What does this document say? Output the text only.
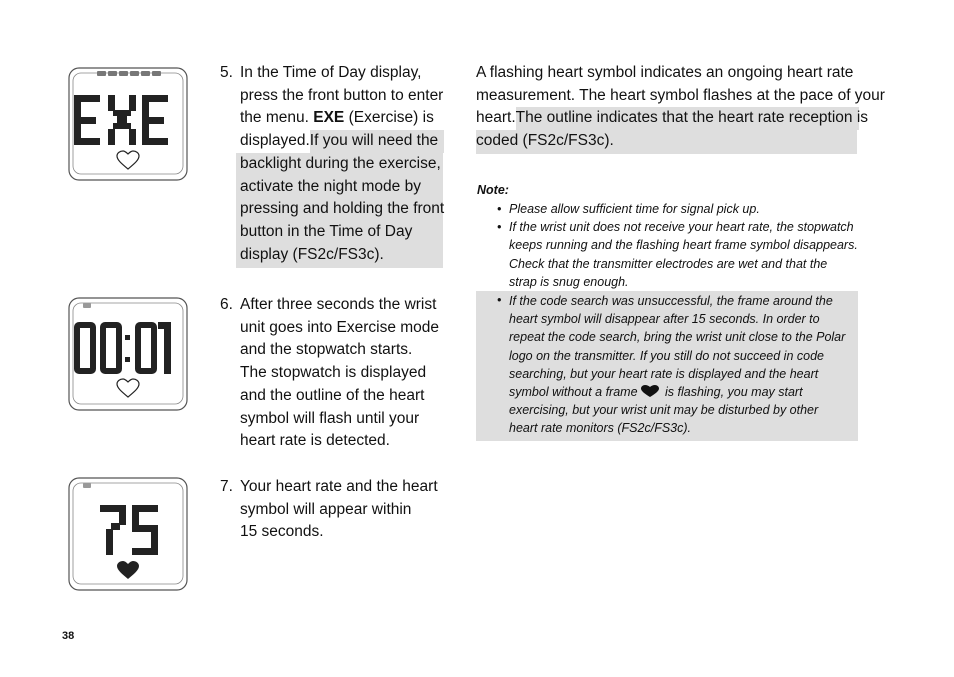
5. In the Time of Day display,
press the front button to enter
the menu. EXE (Exercise) is
displayed.If you will need the
backlight during the exercise,
activate the night mode by
pressing and holding the front
button in the Time of Day
display (FS2c/FS3c).
6. After three seconds the wrist
unit goes into Exercise mode
and the stopwatch starts.
The stopwatch is displayed
and the outline of the heart
symbol will flash until your
heart rate is detected.
7. Your heart rate and the heart
symbol will appear within
15 seconds.
A flashing heart symbol indicates an ongoing heart rate
measurement. The heart symbol flashes at the pace of your
heart.The outline indicates that the heart rate reception is
coded (FS2c/FS3c).
Note:
• Please allow sufficient time for signal pick up.
• If the wrist unit does not receive your heart rate, the stopwatch
keeps running and the flashing heart frame symbol disappears.
Check that the transmitter electrodes are wet and that the
strap is snug enough.
• If the code search was unsuccessful, the frame around the
heart symbol will disappear after 15 seconds. In order to
repeat the code search, bring the wrist unit close to the Polar
logo on the transmitter. If you still do not succeed in code
searching, but your heart rate is displayed and the heart
symbol without a frame is flashing, you may start
exercising, but your wrist unit may be disturbed by other
heart rate monitors (FS2c/FS3c).
38
